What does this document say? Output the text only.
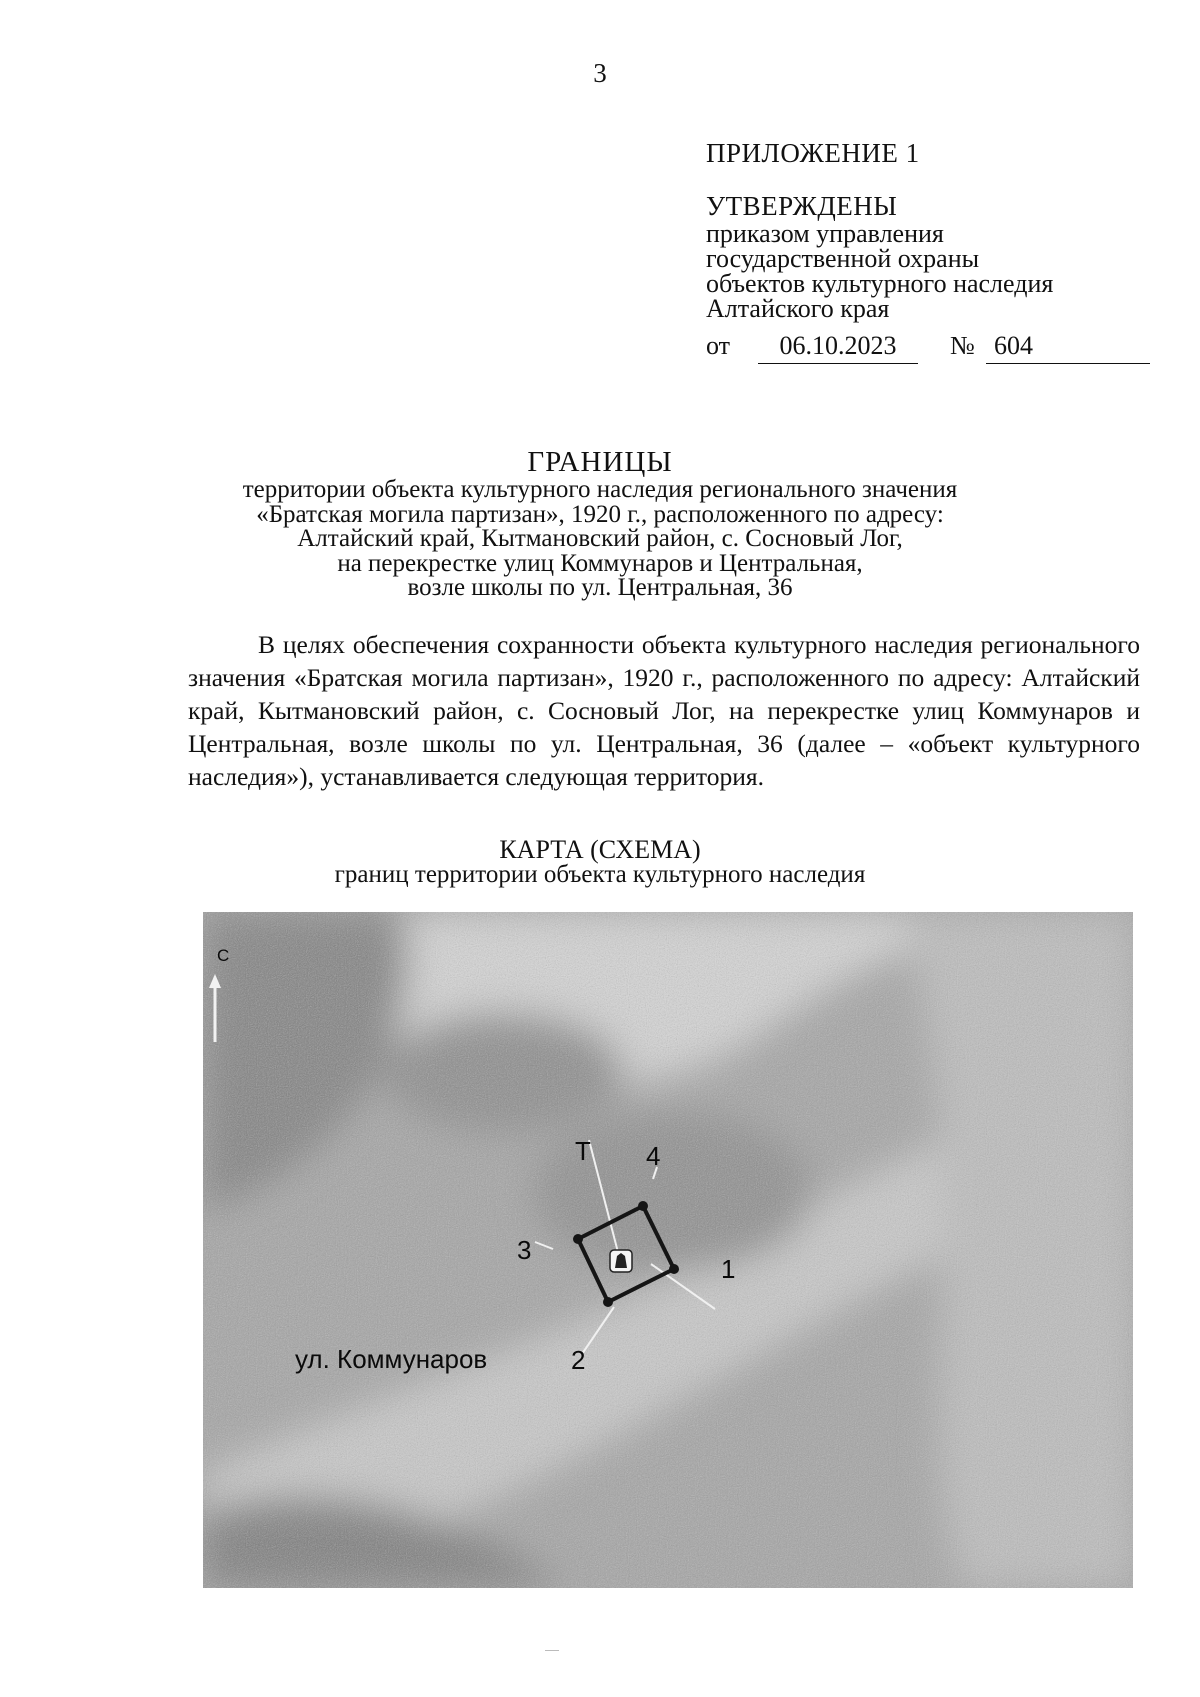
3
ПРИЛОЖЕНИЕ 1
УТВЕРЖДЕНЫ
приказом управления
государственной охраны
объектов культурного наследия
Алтайского края
от	06.10.2023	№ 604
ГРАНИЦЫ
территории объекта культурного наследия регионального значения
«Братская могила партизан», 1920 г., расположенного по адресу:
Алтайский край, Кытмановский район, с. Сосновый Лог,
на перекрестке улиц Коммунаров и Центральная,
возле школы по ул. Центральная, 36

В целях обеспечения сохранности объекта культурного наследия регионального значения «Братская могила партизан», 1920 г., расположенного по адресу: Алтайский край, Кытмановский район, с. Сосновый Лог, на перекрестке улиц Коммунаров и Центральная, возле школы по ул. Центральная, 36 (далее – «объект культурного наследия»), устанавливается следующая территория.

КАРТА (СХЕМА)
границ территории объекта культурного наследия
С
ул. Коммунаров
1
2
3
4
Т
